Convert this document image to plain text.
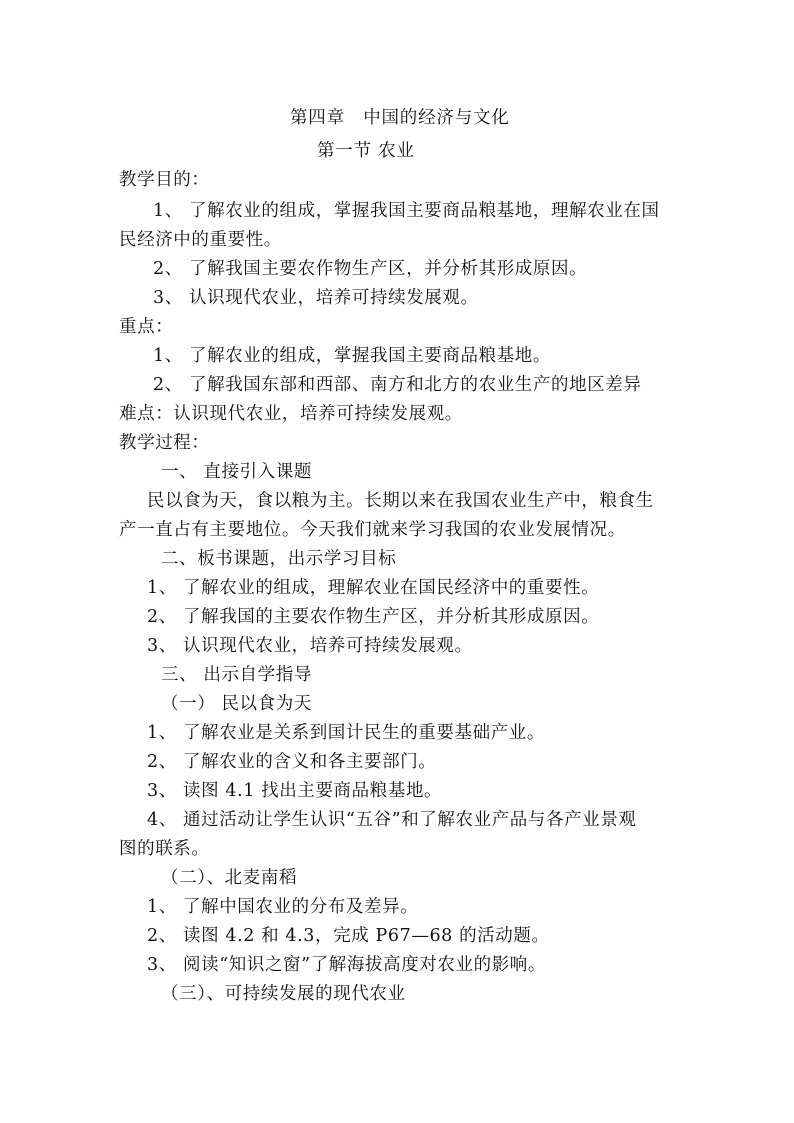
第四章　中国的经济与文化
第一节 农业
教学目的：
1、 了解农业的组成，掌握我国主要商品粮基地，理解农业在国
民经济中的重要性。
2、 了解我国主要农作物生产区，并分析其形成原因。
3、 认识现代农业，培养可持续发展观。
重点：
1、 了解农业的组成，掌握我国主要商品粮基地。
2、 了解我国东部和西部、南方和北方的农业生产的地区差异
难点：认识现代农业，培养可持续发展观。
教学过程：
一、 直接引入课题
民以食为天，食以粮为主。长期以来在我国农业生产中，粮食生
产一直占有主要地位。今天我们就来学习我国的农业发展情况。
二、板书课题，出示学习目标
1、 了解农业的组成，理解农业在国民经济中的重要性。
2、 了解我国的主要农作物生产区，并分析其形成原因。
3、 认识现代农业，培养可持续发展观。
三、 出示自学指导
（一） 民以食为天
1、 了解农业是关系到国计民生的重要基础产业。
2、 了解农业的含义和各主要部门。
3、 读图 4.1 找出主要商品粮基地。
4、 通过活动让学生认识“五谷”和了解农业产品与各产业景观
图的联系。
（二）、北麦南稻
1、 了解中国农业的分布及差异。
2、 读图 4.2 和 4.3，完成 P67—68 的活动题。
3、 阅读“知识之窗”了解海拔高度对农业的影响。
（三）、可持续发展的现代农业
